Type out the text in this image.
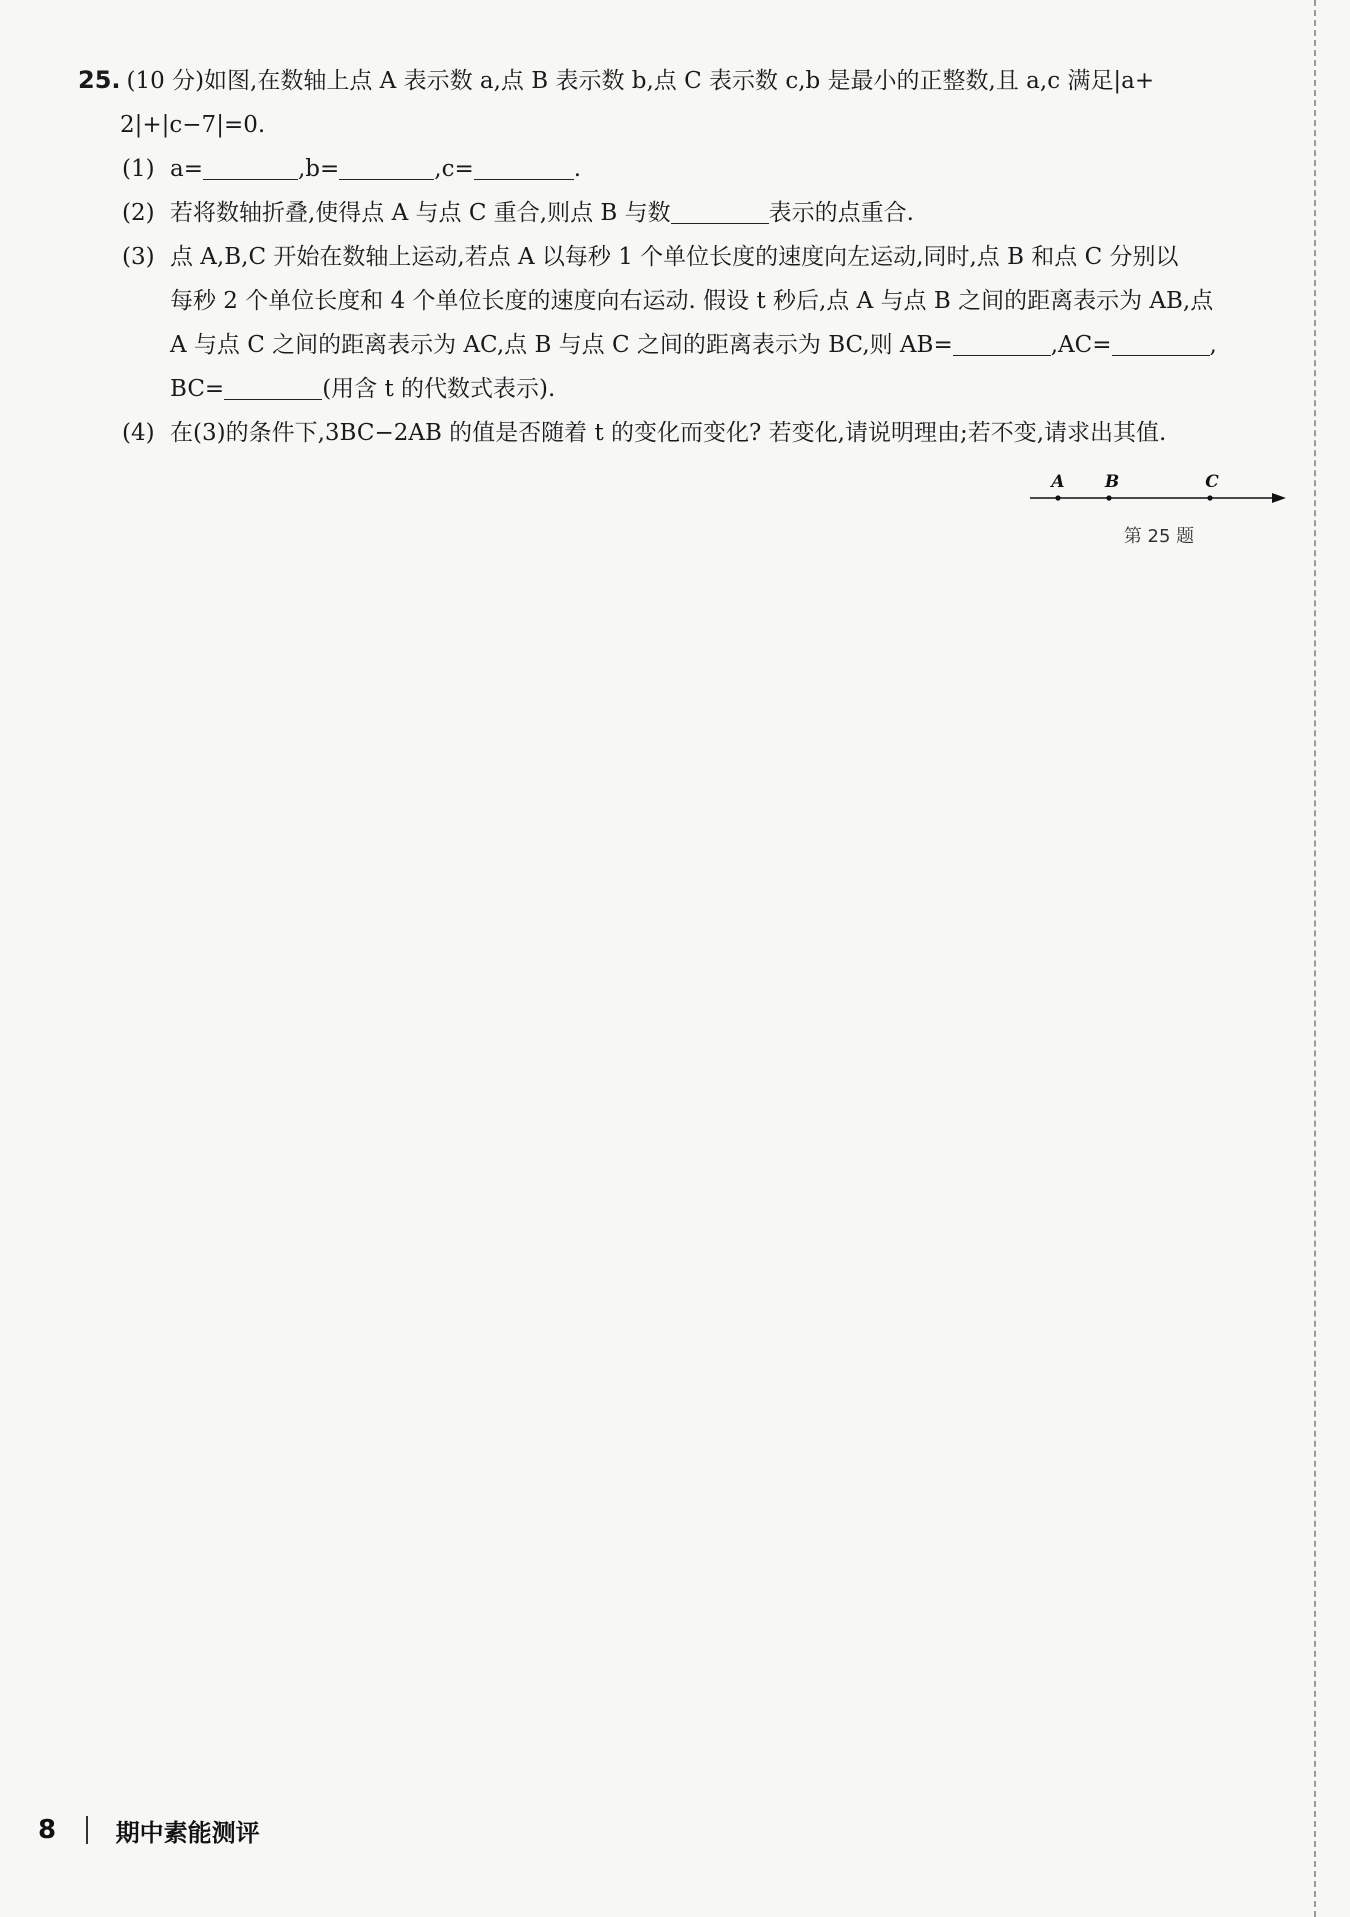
25. (10 分)如图,在数轴上点 A 表示数 a,点 B 表示数 b,点 C 表示数 c,b 是最小的正整数,且 a,c 满足|a+
2|+|c−7|=0.
(1) a=	,b=	,c=	.
(2) 若将数轴折叠,使得点 A 与点 C 重合,则点 B 与数	表示的点重合.
(3) 点 A,B,C 开始在数轴上运动,若点 A 以每秒 1 个单位长度的速度向左运动,同时,点 B 和点 C 分别以
每秒 2 个单位长度和 4 个单位长度的速度向右运动. 假设 t 秒后,点 A 与点 B 之间的距离表示为 AB,点
A 与点 C 之间的距离表示为 AC,点 B 与点 C 之间的距离表示为 BC,则 AB=	,AC=	,
BC=	(用含 t 的代数式表示).
(4) 在(3)的条件下,3BC−2AB 的值是否随着 t 的变化而变化? 若变化,请说明理由;若不变,请求出其值.
A B	C
第 25 题
8 期中素能测评
